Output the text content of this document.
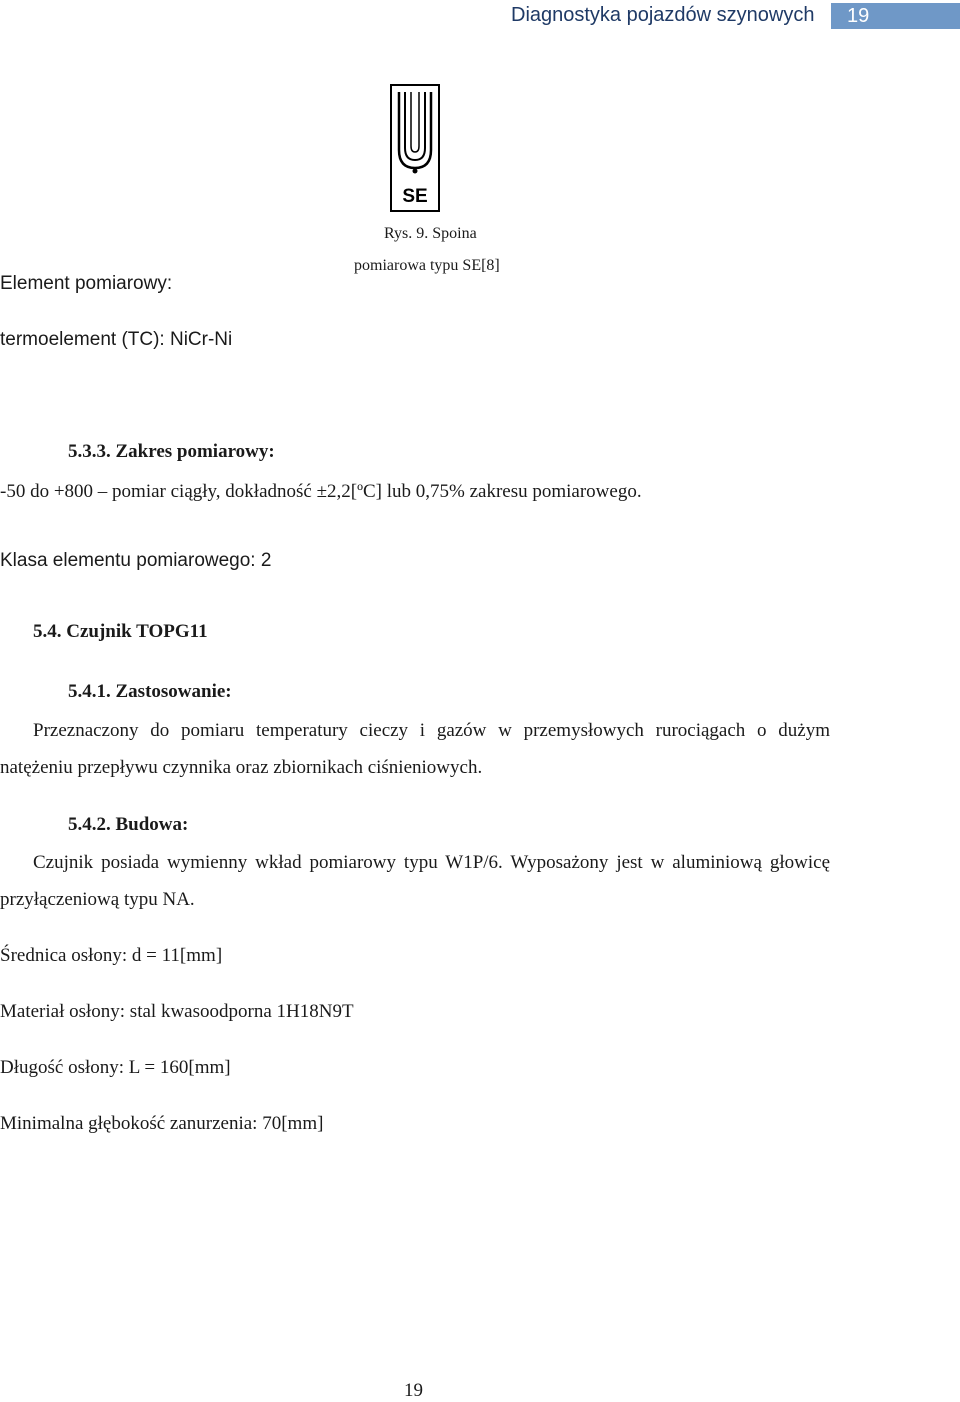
Diagnostyka pojazdów szynowych	19
SE
Rys. 9. Spoina
pomiarowa typu SE[8]
Element pomiarowy:
termoelement (TC): NiCr-Ni
5.3.3. Zakres pomiarowy:
-50 do +800 – pomiar ciągły, dokładność ±2,2[ºC] lub 0,75% zakresu pomiarowego.
Klasa elementu pomiarowego: 2
5.4. Czujnik TOPG11
5.4.1. Zastosowanie:
Przeznaczony do pomiaru temperatury cieczy i gazów w przemysłowych rurociągach o dużym natężeniu przepływu czynnika oraz zbiornikach ciśnieniowych.
5.4.2. Budowa:
Czujnik posiada wymienny wkład pomiarowy typu W1P/6. Wyposażony jest w aluminiową głowicę przyłączeniową typu NA.
Średnica osłony: d = 11[mm]
Materiał osłony: stal kwasoodporna 1H18N9T
Długość osłony: L = 160[mm]
Minimalna głębokość zanurzenia: 70[mm]
19
